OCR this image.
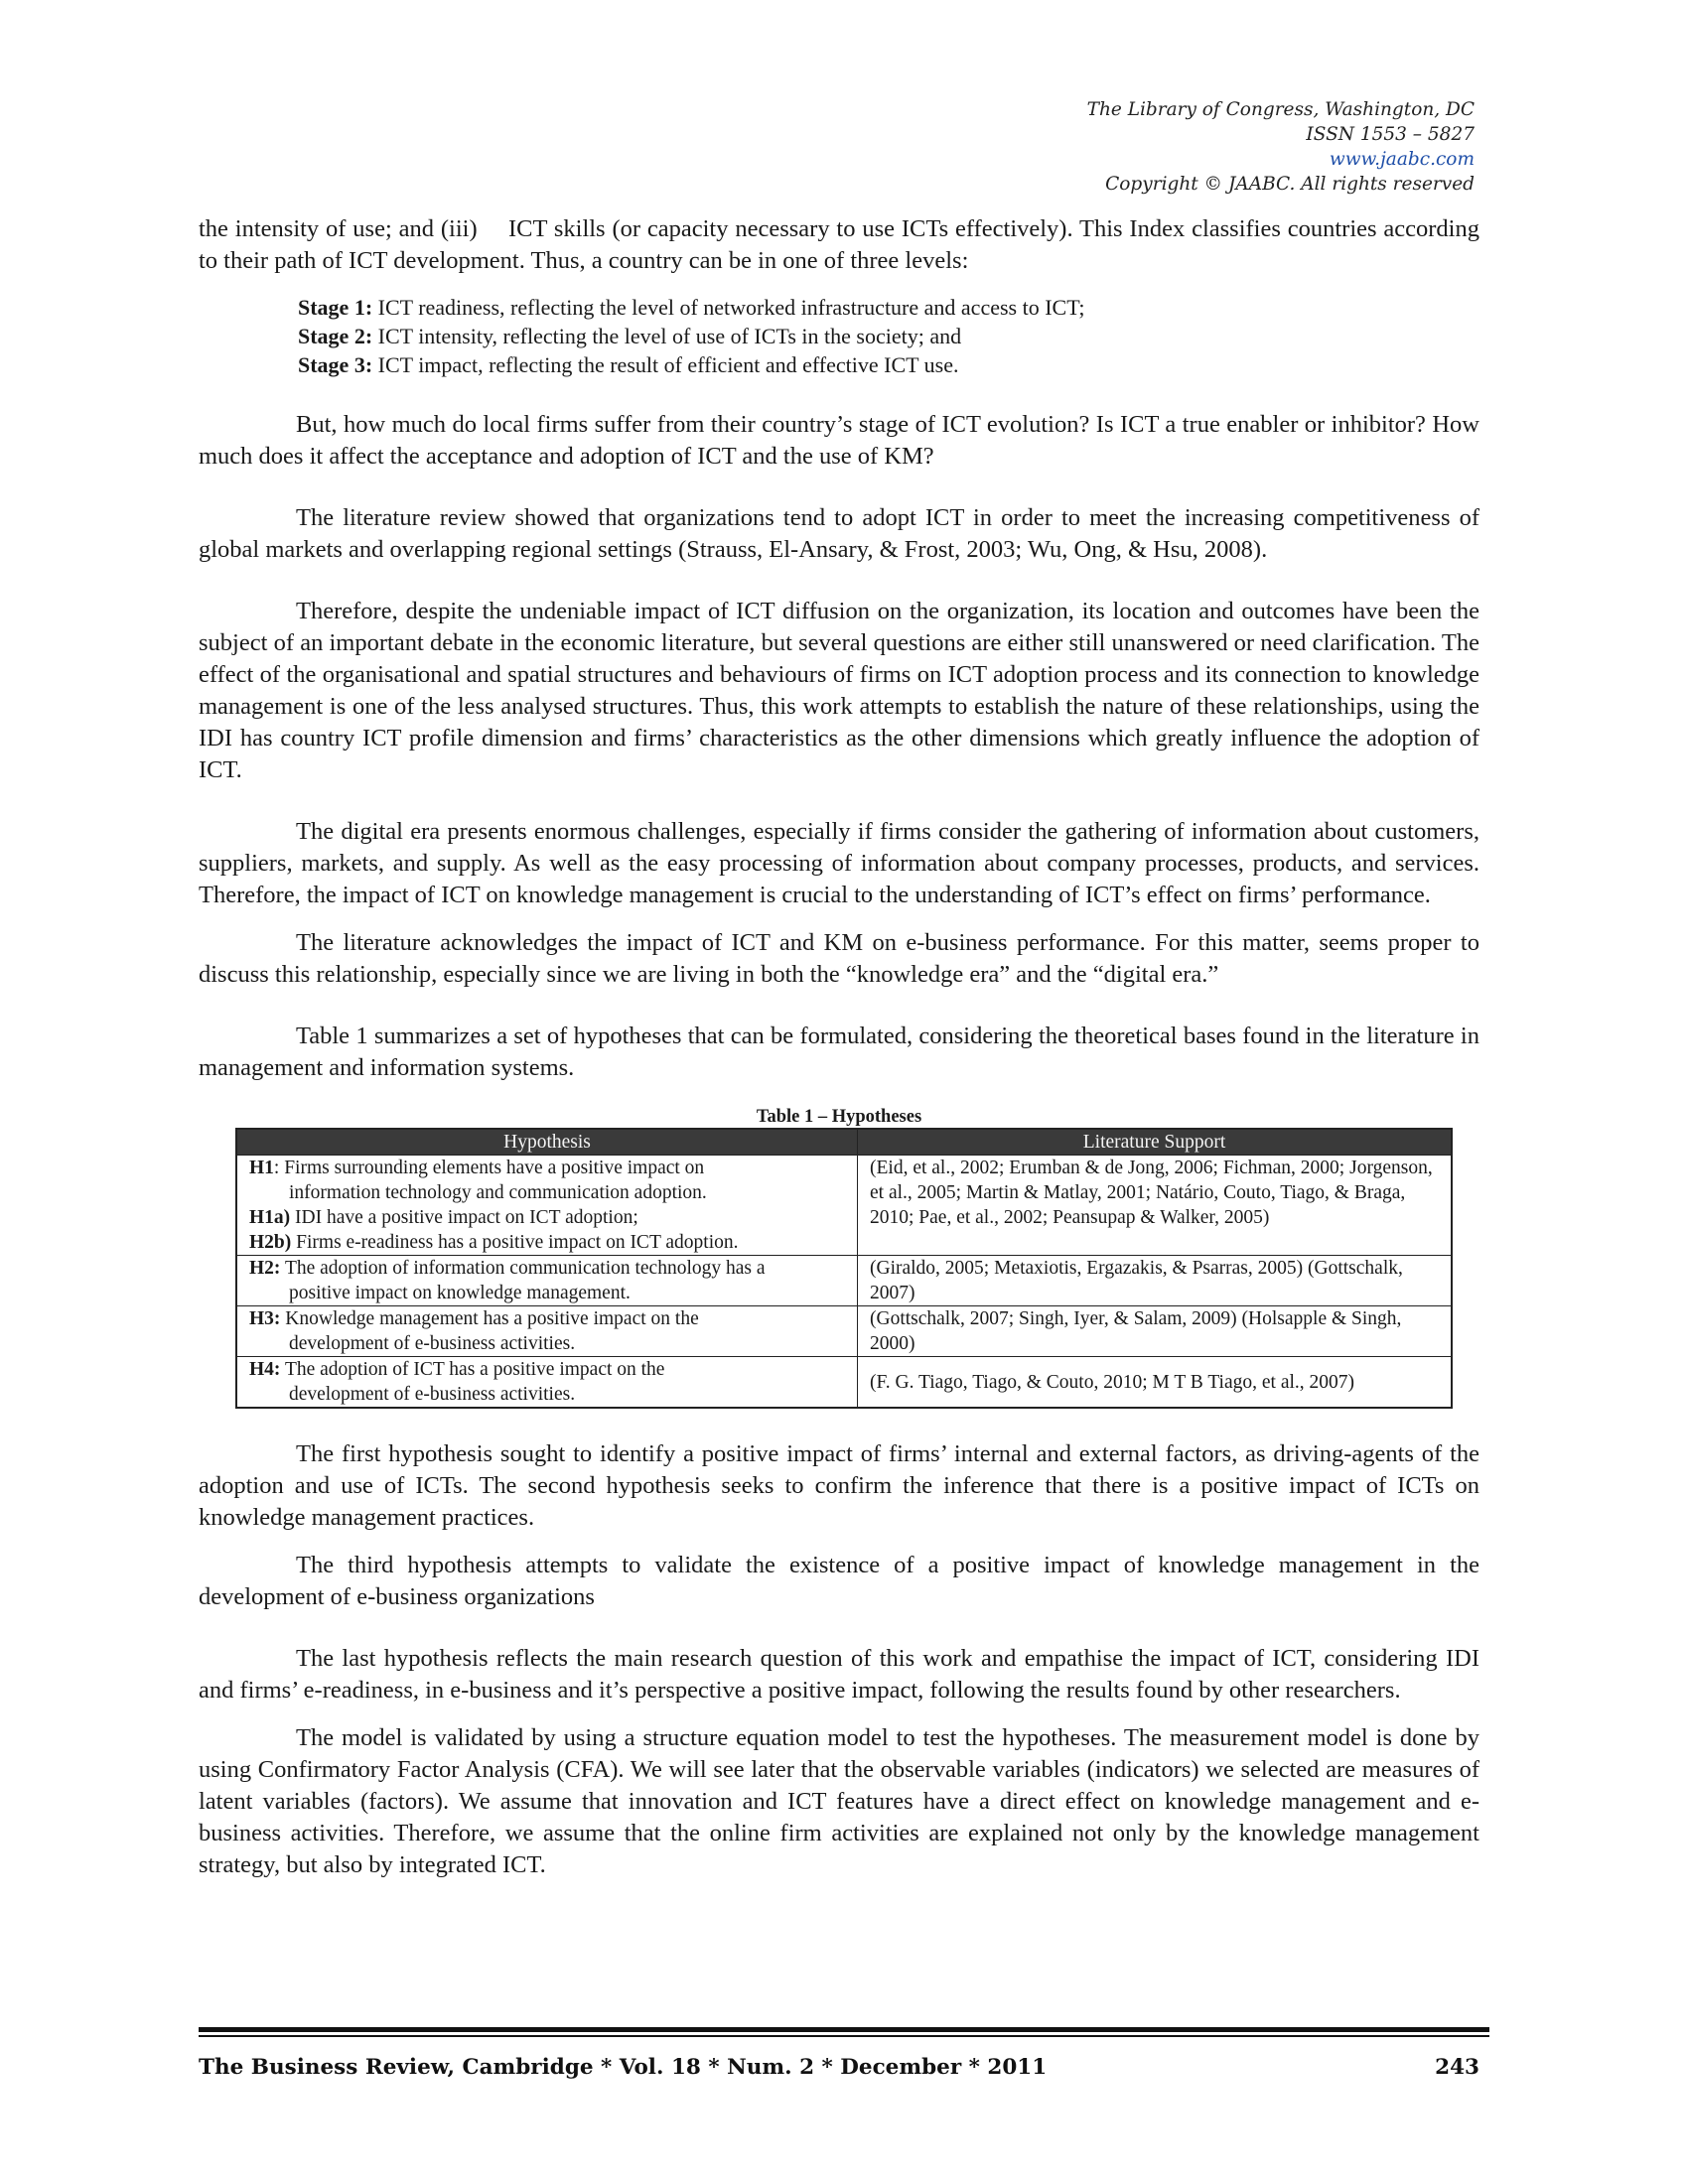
The Library of Congress, Washington, DC
ISSN 1553 – 5827
www.jaabc.com
Copyright © JAABC. All rights reserved

the intensity of use; and (iii)  ICT skills (or capacity necessary to use ICTs effectively). This Index classifies countries according to their path of ICT development. Thus, a country can be in one of three levels:

Stage 1: ICT readiness, reflecting the level of networked infrastructure and access to ICT;
Stage 2: ICT intensity, reflecting the level of use of ICTs in the society; and
Stage 3: ICT impact, reflecting the result of efficient and effective ICT use.

But, how much do local firms suffer from their country’s stage of ICT evolution? Is ICT a true enabler or inhibitor? How much does it affect the acceptance and adoption of ICT and the use of KM?

The literature review showed that organizations tend to adopt ICT in order to meet the increasing competitiveness of global markets and overlapping regional settings (Strauss, El-Ansary, & Frost, 2003; Wu, Ong, & Hsu, 2008).

Therefore, despite the undeniable impact of ICT diffusion on the organization, its location and outcomes have been the subject of an important debate in the economic literature, but several questions are either still unanswered or need clarification. The effect of the organisational and spatial structures and behaviours of firms on ICT adoption process and its connection to knowledge management is one of the less analysed structures. Thus, this work attempts to establish the nature of these relationships, using the IDI has country ICT profile dimension and firms’ characteristics as the other dimensions which greatly influence the adoption of ICT.

The digital era presents enormous challenges, especially if firms consider the gathering of information about customers, suppliers, markets, and supply. As well as the easy processing of information about company processes, products, and services. Therefore, the impact of ICT on knowledge management is crucial to the understanding of ICT’s effect on firms’ performance.

The literature acknowledges the impact of ICT and KM on e-business performance. For this matter, seems proper to discuss this relationship, especially since we are living in both the “knowledge era” and the “digital era.”

Table 1 summarizes a set of hypotheses that can be formulated, considering the theoretical bases found in the literature in management and information systems.

Table 1 – Hypotheses
Hypothesis	Literature Support

H1: Firms surrounding elements have a positive impact on
information technology and communication adoption.
H1a) IDI have a positive impact on ICT adoption;
H2b) Firms e-readiness has a positive impact on ICT adoption.	(Eid, et al., 2002; Erumban & de Jong, 2006; Fichman, 2000; Jorgenson, et al., 2005; Martin & Matlay, 2001; Natário, Couto, Tiago, & Braga, 2010; Pae, et al., 2002; Peansupap & Walker, 2005)

H2: The adoption of information communication technology has a
positive impact on knowledge management.	(Giraldo, 2005; Metaxiotis, Ergazakis, & Psarras, 2005) (Gottschalk, 2007)

H3: Knowledge management has a positive impact on the
development of e-business activities.	(Gottschalk, 2007; Singh, Iyer, & Salam, 2009) (Holsapple & Singh, 2000)

H4: The adoption of ICT has a positive impact on the
development of e-business activities.	(F. G. Tiago, Tiago, & Couto, 2010; M T B Tiago, et al., 2007)

The first hypothesis sought to identify a positive impact of firms’ internal and external factors, as driving-agents of the adoption and use of ICTs. The second hypothesis seeks to confirm the inference that there is a positive impact of ICTs on knowledge management practices.

The third hypothesis attempts to validate the existence of a positive impact of knowledge management in the development of e-business organizations

The last hypothesis reflects the main research question of this work and empathise the impact of ICT, considering IDI and firms’ e-readiness, in e-business and it’s perspective a positive impact, following the results found by other researchers.

The model is validated by using a structure equation model to test the hypotheses. The measurement model is done by using Confirmatory Factor Analysis (CFA). We will see later that the observable variables (indicators) we selected are measures of latent variables (factors). We assume that innovation and ICT features have a direct effect on knowledge management and e-business activities. Therefore, we assume that the online firm activities are explained not only by the knowledge management strategy, but also by integrated ICT.

The Business Review, Cambridge * Vol. 18 * Num. 2 * December * 2011	243
